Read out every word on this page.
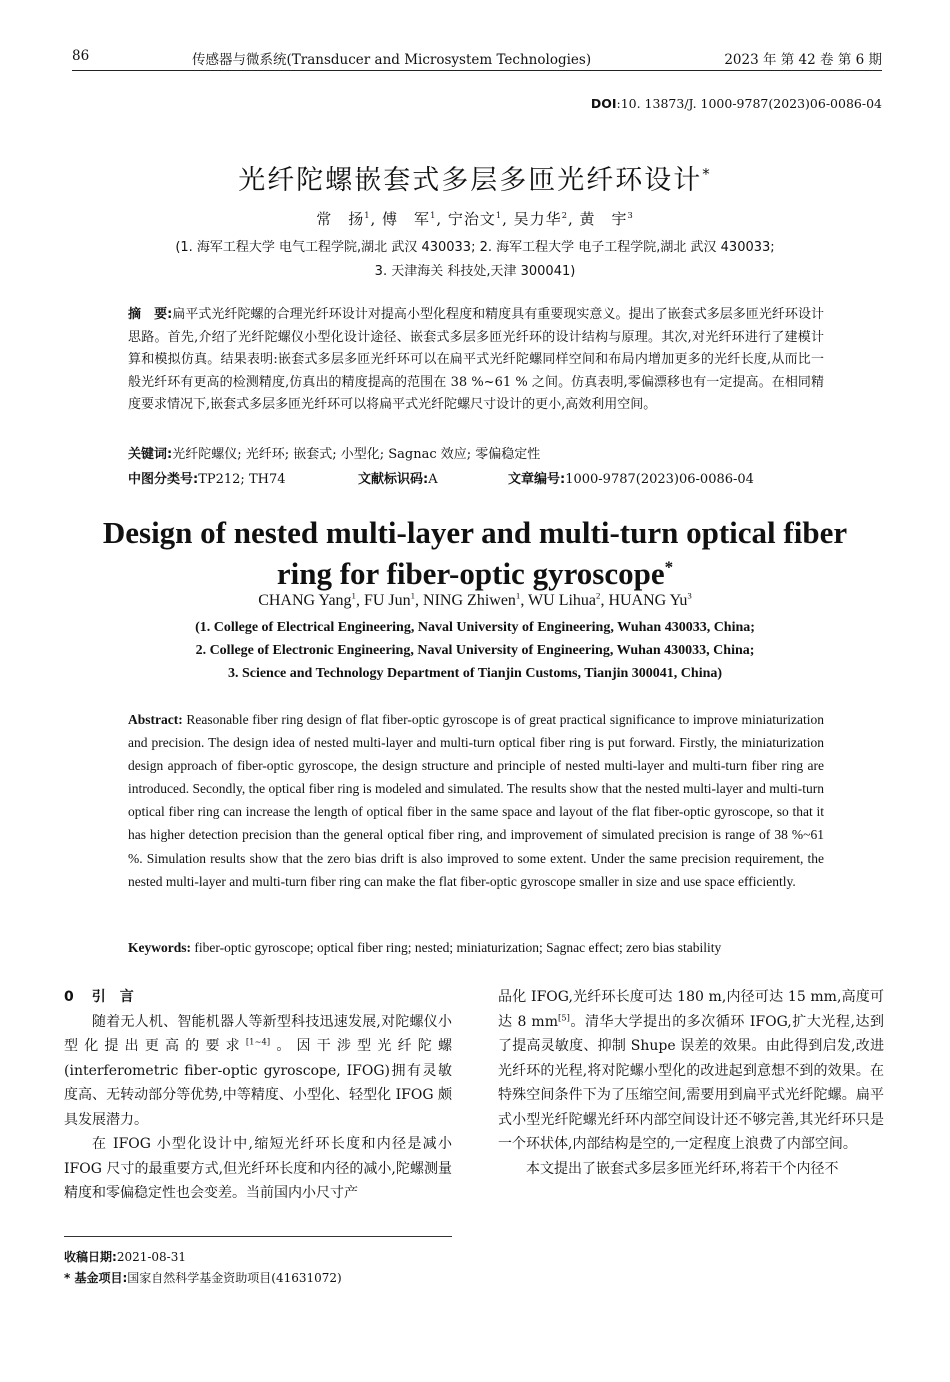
86	传感器与微系统(Transducer and Microsystem Technologies)	2023 年 第 42 卷 第 6 期
DOI:10. 13873/J. 1000-9787(2023)06-0086-04
光纤陀螺嵌套式多层多匝光纤环设计*
常　扬$^1$, 傅　军$^1$, 宁治文$^1$, 吴力华$^2$, 黄　宇$^3$
(1. 海军工程大学 电气工程学院,湖北 武汉 430033; 2. 海军工程大学 电子工程学院,湖北 武汉 430033;
3. 天津海关 科技处,天津 300041)
摘　要:扁平式光纤陀螺的合理光纤环设计对提高小型化程度和精度具有重要现实意义。提出了嵌套式多层多匝光纤环设计思路。首先,介绍了光纤陀螺仪小型化设计途径、嵌套式多层多匝光纤环的设计结构与原理。其次,对光纤环进行了建模计算和模拟仿真。结果表明:嵌套式多层多匝光纤环可以在扁平式光纤陀螺同样空间和布局内增加更多的光纤长度,从而比一般光纤环有更高的检测精度,仿真出的精度提高的范围在 38 %~61 % 之间。仿真表明,零偏漂移也有一定提高。在相同精度要求情况下,嵌套式多层多匝光纤环可以将扁平式光纤陀螺尺寸设计的更小,高效利用空间。
关键词:光纤陀螺仪; 光纤环; 嵌套式; 小型化; Sagnac 效应; 零偏稳定性
中图分类号:TP212; TH74	文献标识码:A	文章编号:1000-9787(2023)06-0086-04
Design of nested multi-layer and multi-turn optical fiber
ring for fiber-optic gyroscope*
CHANG Yang$^1$, FU Jun$^1$, NING Zhiwen$^1$, WU Lihua$^2$, HUANG Yu$^3$
(1. College of Electrical Engineering, Naval University of Engineering, Wuhan 430033, China;
2. College of Electronic Engineering, Naval University of Engineering, Wuhan 430033, China;
3. Science and Technology Department of Tianjin Customs, Tianjin 300041, China)
Abstract: Reasonable fiber ring design of flat fiber-optic gyroscope is of great practical significance to improve miniaturization and precision. The design idea of nested multi-layer and multi-turn optical fiber ring is put forward. Firstly, the miniaturization design approach of fiber-optic gyroscope, the design structure and principle of nested multi-layer and multi-turn fiber ring are introduced. Secondly, the optical fiber ring is modeled and simulated. The results show that the nested multi-layer and multi-turn optical fiber ring can increase the length of optical fiber in the same space and layout of the flat fiber-optic gyroscope, so that it has higher detection precision than the general optical fiber ring, and improvement of simulated precision is range of 38 %~61 %. Simulation results show that the zero bias drift is also improved to some extent. Under the same precision requirement, the nested multi-layer and multi-turn fiber ring can make the flat fiber-optic gyroscope smaller in size and use space efficiently.
Keywords: fiber-optic gyroscope; optical fiber ring; nested; miniaturization; Sagnac effect; zero bias stability
0 引　言

随着无人机、智能机器人等新型科技迅速发展,对陀螺仪小型化提出更高的要求[1~4]。因干涉型光纤陀螺(interferometric fiber-optic gyroscope, IFOG)拥有灵敏度高、无转动部分等优势,中等精度、小型化、轻型化 IFOG 颇具发展潜力。

在 IFOG 小型化设计中,缩短光纤环长度和内径是减小 IFOG 尺寸的最重要方式,但光纤环长度和内径的减小,陀螺测量精度和零偏稳定性也会变差。当前国内小尺寸产

品化 IFOG,光纤环长度可达 180 m,内径可达 15 mm,高度可达 8 mm[5]。清华大学提出的多次循环 IFOG,扩大光程,达到了提高灵敏度、抑制 Shupe 误差的效果。由此得到启发,改进光纤环的光程,将对陀螺小型化的改进起到意想不到的效果。在特殊空间条件下为了压缩空间,需要用到扁平式光纤陀螺。扁平式小型光纤陀螺光纤环内部空间设计还不够完善,其光纤环只是一个环状体,内部结构是空的,一定程度上浪费了内部空间。

本文提出了嵌套式多层多匝光纤环,将若干个内径不

收稿日期:2021-08-31
* 基金项目:国家自然科学基金资助项目(41631072)
